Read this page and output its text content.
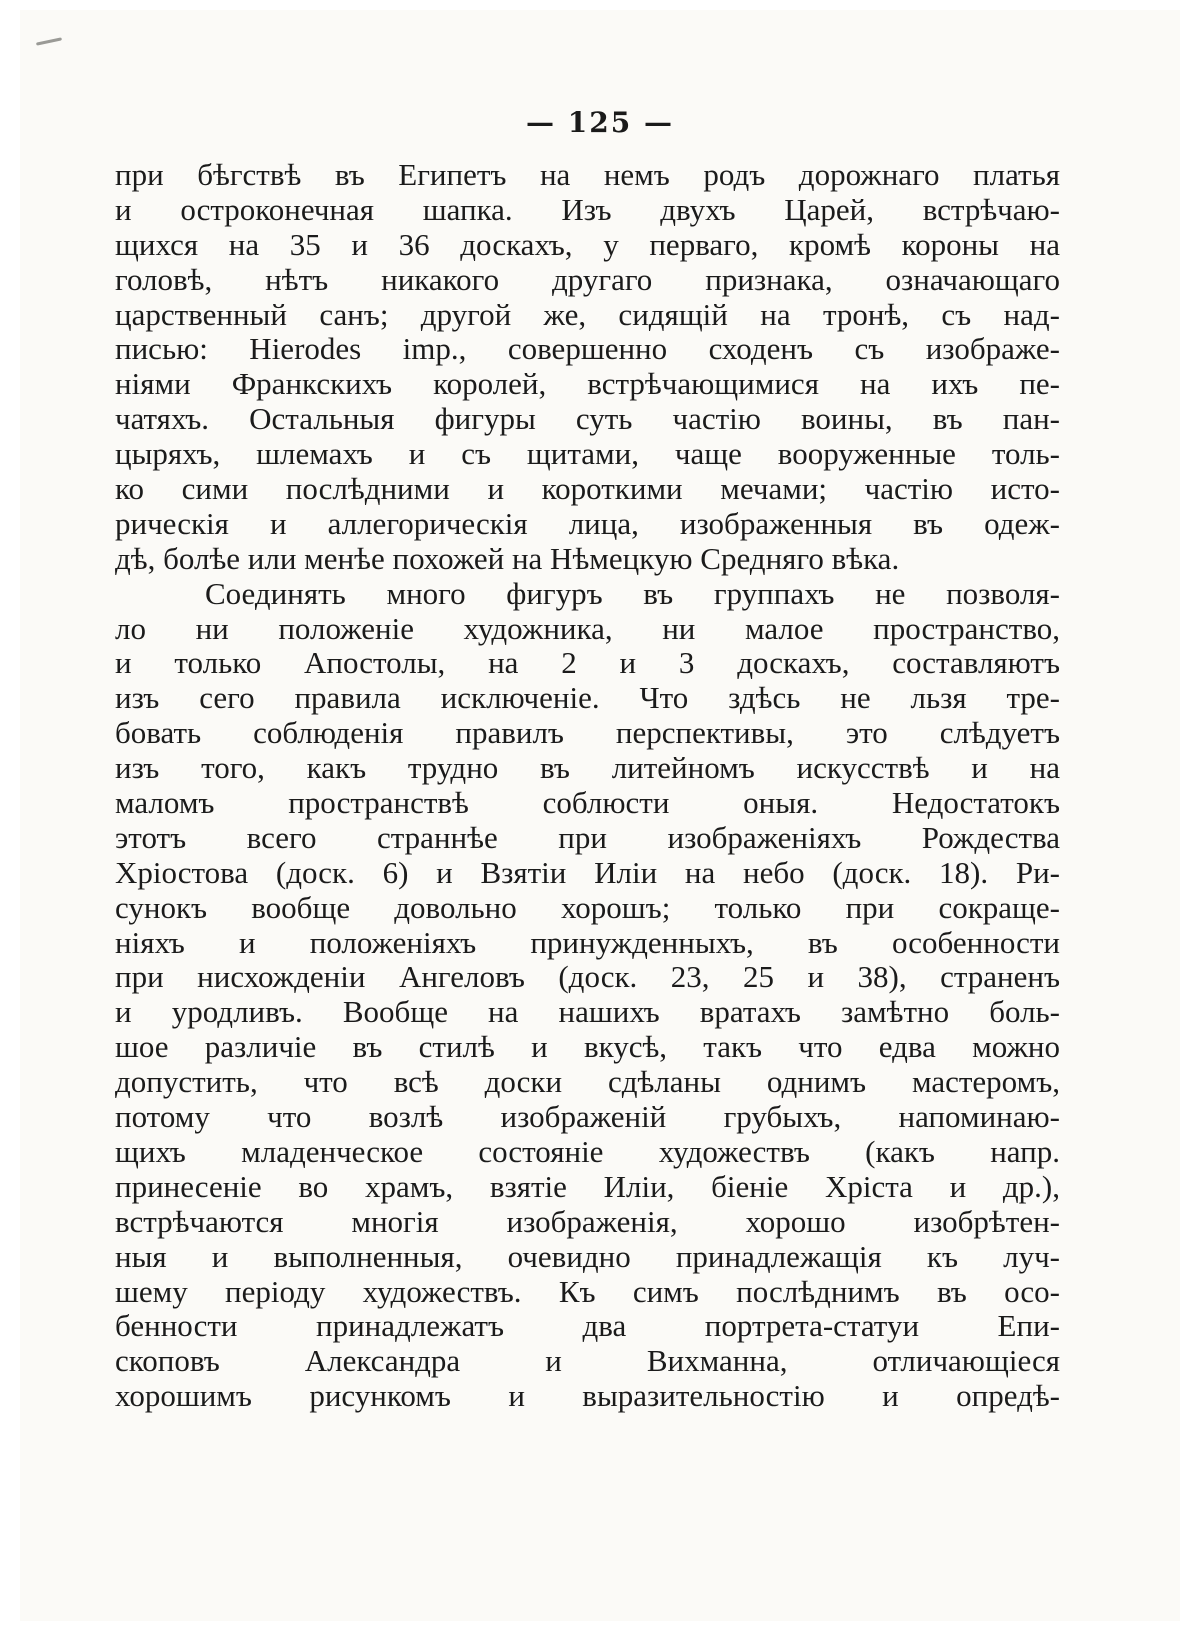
— 125 —
при бѣгствѣ въ Египетъ на немъ родъ дорожнаго платья
и остроконечная шапка. Изъ двухъ Царей, встрѣчаю-
щихся на 35 и 36 доскахъ, у перваго, кромѣ короны на
головѣ, нѣтъ никакого другаго признака, означающаго
царственный санъ; другой же, сидящій на тронѣ, съ над-
писью: Hierodes imp., совершенно сходенъ съ изображе-
ніями Франкскихъ королей, встрѣчающимися на ихъ пе-
чатяхъ. Остальныя фигуры суть частію воины, въ пан-
цыряхъ, шлемахъ и съ щитами, чаще вооруженные толь-
ко сими послѣдними и короткими мечами; частію исто-
рическія и аллегорическія лица, изображенныя въ одеж-
дѣ, болѣе или менѣе похожей на Нѣмецкую Средняго вѣка.
Соединять много фигуръ въ группахъ не позволя-
ло ни положеніе художника, ни малое пространство,
и только Апостолы, на 2 и 3 доскахъ, составляютъ
изъ сего правила исключеніе. Что здѣсь не льзя тре-
бовать соблюденія правилъ перспективы, это слѣдуетъ
изъ того, какъ трудно въ литейномъ искусствѣ и на
маломъ пространствѣ соблюсти оныя. Недостатокъ
этотъ всего страннѣе при изображеніяхъ Рождества
Хріостова (доск. 6) и Взятіи Иліи на небо (доск. 18). Ри-
сунокъ вообще довольно хорошъ; только при сокраще-
ніяхъ и положеніяхъ принужденныхъ, въ особенности
при нисхожденіи Ангеловъ (доск. 23, 25 и 38), страненъ
и уродливъ. Вообще на нашихъ вратахъ замѣтно боль-
шое различіе въ стилѣ и вкусѣ, такъ что едва можно
допустить, что всѣ доски сдѣланы однимъ мастеромъ,
потому что возлѣ изображеній грубыхъ, напоминаю-
щихъ младенческое состояніе художествъ (какъ напр.
принесеніе во храмъ, взятіе Иліи, біеніе Хріста и др.),
встрѣчаются многія изображенія, хорошо изобрѣтен-
ныя и выполненныя, очевидно принадлежащія къ луч-
шему періоду художествъ. Къ симъ послѣднимъ въ осо-
бенности принадлежатъ два портрета-статуи Епи-
скоповъ Александра и Вихманна, отличающіеся
хорошимъ рисункомъ и выразительностію и опредѣ-
